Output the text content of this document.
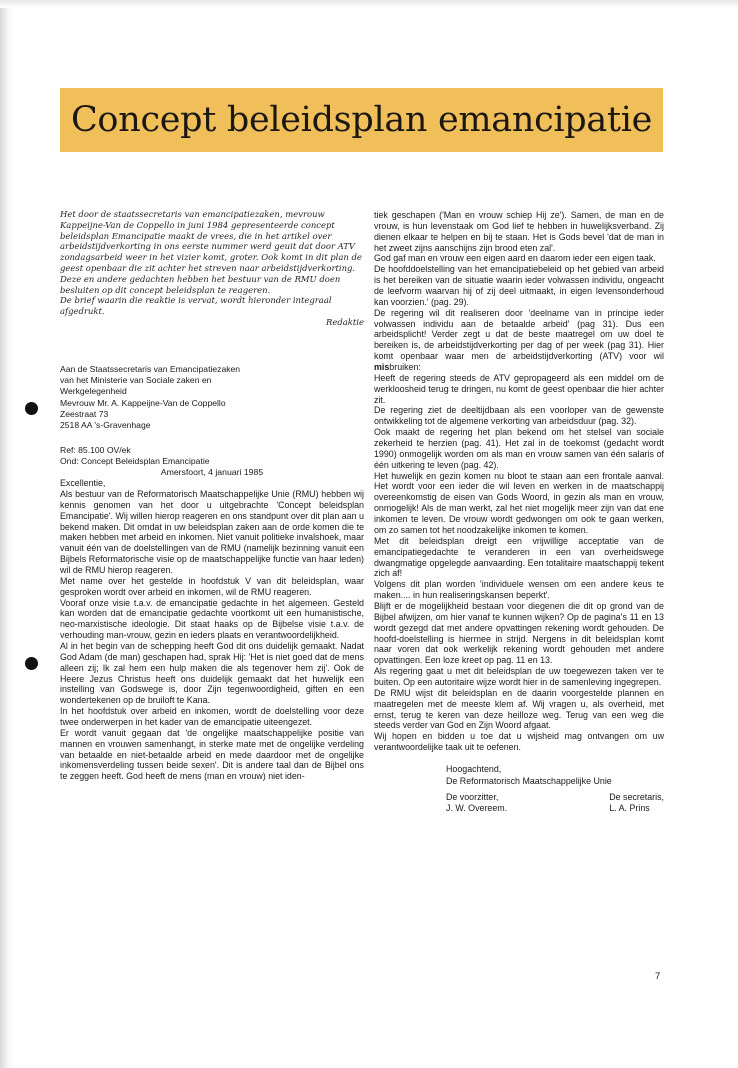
Concept beleidsplan emancipatie

Het door de staatssecretaris van emancipatiezaken, mevrouw Kappeijne-Van de Coppello in juni 1984 gepresenteerde concept beleidsplan Emancipatie maakt de vrees, die in het artikel over arbeidstijdverkorting in ons eerste nummer werd geuit dat door ATV zondagsarbeid weer in het vizier komt, groter. Ook komt in dit plan de geest openbaar die zit achter het streven naar arbeidstijdverkorting.

Deze en andere gedachten hebben het bestuur van de RMU doen besluiten op dit concept beleidsplan te reageren.

De brief waarin die reaktie is vervat, wordt hieronder integraal afgedrukt.

Redaktie

Aan de Staatssecretaris van Emancipatiezaken

van het Ministerie van Sociale zaken en

Werkgelegenheid

Mevrouw Mr. A. Kappeijne-Van de Coppello

Zeestraat 73

2518 AA 's-Gravenhage

Ref: 85.100 OV/ek

Ond: Concept Beleidsplan Emancipatie

Amersfoort, 4 januari 1985

Excellentie,

Als bestuur van de Reformatorisch Maatschappelijke Unie (RMU) hebben wij kennis genomen van het door u uitgebrachte 'Concept beleidsplan Emancipatie'. Wij willen hierop reageren en ons standpunt over dit plan aan u bekend maken. Dit omdat in uw beleidsplan zaken aan de orde komen die te maken hebben met arbeid en inkomen. Niet vanuit politieke invalshoek, maar vanuit één van de doelstellingen van de RMU (namelijk bezinning vanuit een Bijbels Reformatorische visie op de maatschappelijke functie van haar leden) wil de RMU hierop reageren.

Met name over het gestelde in hoofdstuk V van dit beleidsplan, waar gesproken wordt over arbeid en inkomen, wil de RMU reageren.

Vooraf onze visie t.a.v. de emancipatie gedachte in het algemeen. Gesteld kan worden dat de emancipatie gedachte voortkomt uit een humanistische, neo-marxistische ideologie. Dit staat haaks op de Bijbelse visie t.a.v. de verhouding man-vrouw, gezin en ieders plaats en verantwoordelijkheid.

Al in het begin van de schepping heeft God dit ons duidelijk gemaakt. Nadat God Adam (de man) geschapen had, sprak Hij: 'Het is niet goed dat de mens alleen zij; Ik zal hem een hulp maken die als tegenover hem zij'. Ook de Heere Jezus Christus heeft ons duidelijk gemaakt dat het huwelijk een instelling van Godswege is, door Zijn tegenwoordigheid, giften en een wondertekenen op de bruiloft te Kana.

In het hoofdstuk over arbeid en inkomen, wordt de doelstelling voor deze twee onderwerpen in het kader van de emancipatie uiteengezet.

Er wordt vanuit gegaan dat 'de ongelijke maatschappelijke positie van mannen en vrouwen samenhangt, in sterke mate met de ongelijke verdeling van betaalde en niet-betaalde arbeid en mede daardoor met de ongelijke inkomensverdeling tussen beide sexen'. Dit is andere taal dan de Bijbel ons te zeggen heeft. God heeft de mens (man en vrouw) niet iden-

tiek geschapen ('Man en vrouw schiep Hij ze'). Samen, de man en de vrouw, is hun levenstaak om God lief te hebben in huwelijksverband. Zij dienen elkaar te helpen en bij te staan. Het is Gods bevel 'dat de man in het zweet zijns aanschijns zijn brood eten zal'.

God gaf man en vrouw een eigen aard en daarom ieder een eigen taak.

De hoofddoelstelling van het emancipatiebeleid op het gebied van arbeid is het bereiken van de situatie waarin ieder volwassen individu, ongeacht de leefvorm waarvan hij of zij deel uitmaakt, in eigen levensonderhoud kan voorzien.' (pag. 29).

De regering wil dit realiseren door 'deelname van in principe ieder volwassen individu aan de betaalde arbeid' (pag 31). Dus een arbeidsplicht! Verder zegt u dat de beste maatregel om uw doel te bereiken is, de arbeidstijdverkorting per dag of per week (pag 31). Hier komt openbaar waar men de arbeidstijdverkorting (ATV) voor wil misbruiken:

Heeft de regering steeds de ATV gepropageerd als een middel om de werkloosheid terug te dringen, nu komt de geest openbaar die hier achter zit.

De regering ziet de deeltijdbaan als een voorloper van de gewenste ontwikkeling tot de algemene verkorting van arbeidsduur (pag. 32).

Ook maakt de regering het plan bekend om het stelsel van sociale zekerheid te herzien (pag. 41). Het zal in de toekomst (gedacht wordt 1990) onmogelijk worden om als man en vrouw samen van één salaris of één uitkering te leven (pag. 42).

Het huwelijk en gezin komen nu bloot te staan aan een frontale aanval. Het wordt voor een ieder die wil leven en werken in de maatschappij overeenkomstig de eisen van Gods Woord, in gezin als man en vrouw, onmogelijk! Als de man werkt, zal het niet mogelijk meer zijn van dat ene inkomen te leven. De vrouw wordt gedwongen om ook te gaan werken, om zo samen tot het noodzakelijke inkomen te komen.

Met dit beleidsplan dreigt een vrijwillige acceptatie van de emancipatiegedachte te veranderen in een van overheidswege dwangmatige opgelegde aanvaarding. Een totalitaire maatschappij tekent zich af!

Volgens dit plan worden 'individuele wensen om een andere keus te maken.... in hun realiseringskansen beperkt'.

Blijft er de mogelijkheid bestaan voor diegenen die dit op grond van de Bijbel afwijzen, om hier vanaf te kunnen wijken? Op de pagina's 11 en 13 wordt gezegd dat met andere opvattingen rekening wordt gehouden. De hoofd-doelstelling is hiermee in strijd. Nergens in dit beleidsplan komt naar voren dat ook werkelijk rekening wordt gehouden met andere opvattingen. Een loze kreet op pag. 11 en 13.

Als regering gaat u met dit beleidsplan de uw toegewezen taken ver te buiten. Op een autoritaire wijze wordt hier in de samenleving ingegrepen.

De RMU wijst dit beleidsplan en de daarin voorgestelde plannen en maatregelen met de meeste klem af. Wij vragen u, als overheid, met ernst, terug te keren van deze heilloze weg. Terug van een weg die steeds verder van God en Zijn Woord afgaat.

Wij hopen en bidden u toe dat u wijsheid mag ontvangen om uw verantwoordelijke taak uit te oefenen.

Hoogachtend,

De Reformatorisch Maatschappelijke Unie

De voorzitter,

J. W. Overeem.

De secretaris,

L. A. Prins

7
